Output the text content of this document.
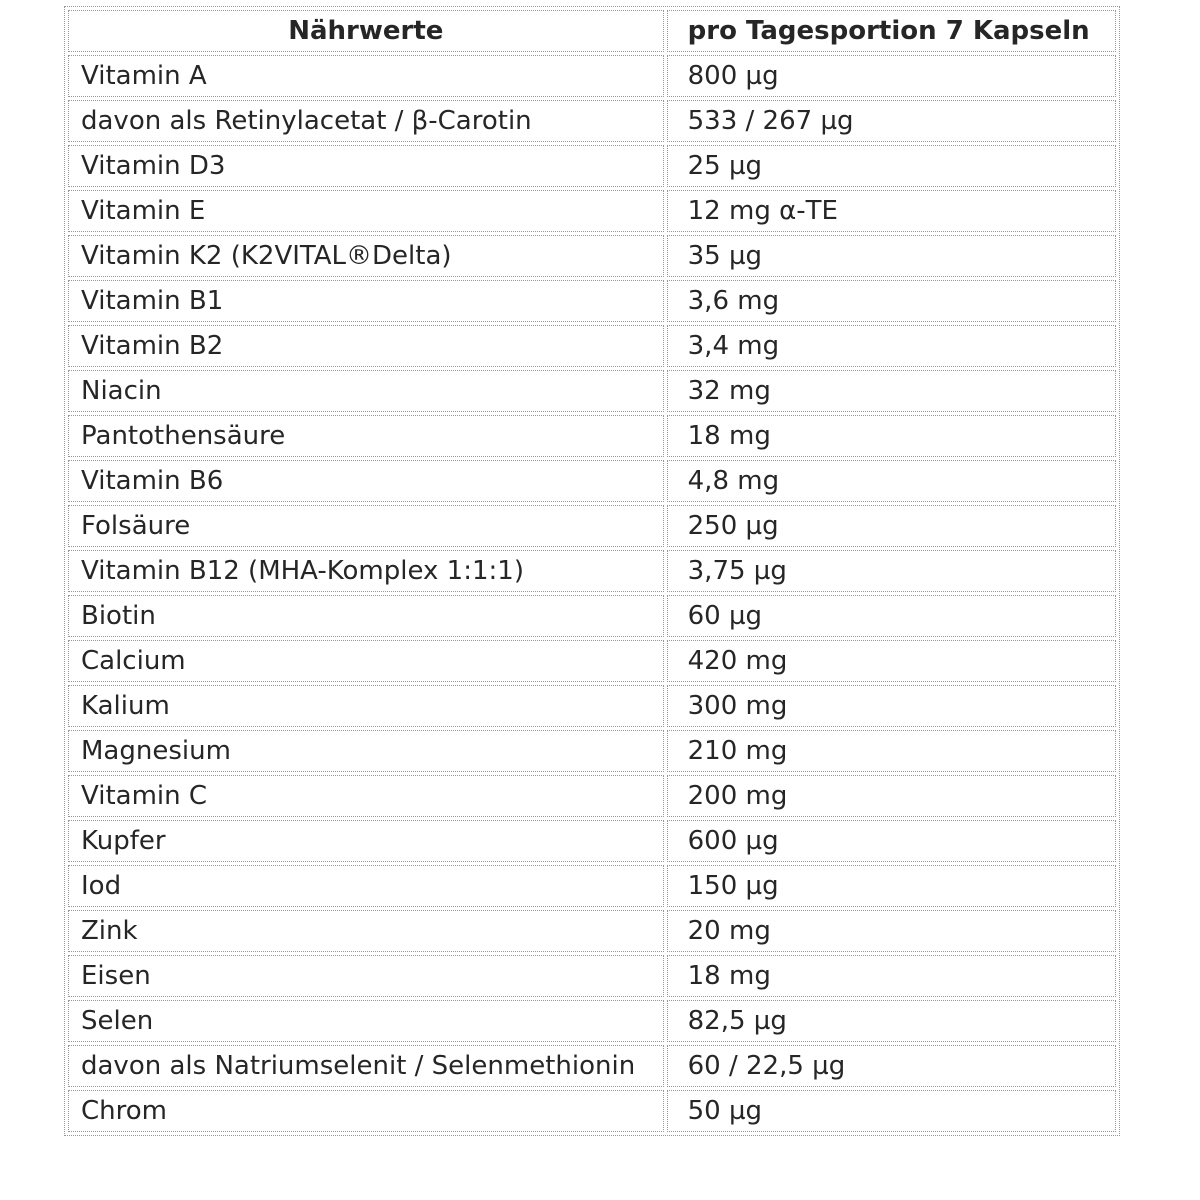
Nährwerte	pro Tagesportion 7 Kapseln
Vitamin A	800 µg
davon als Retinylacetat / β-Carotin	533 / 267 µg
Vitamin D3	25 µg
Vitamin E	12 mg α-TE
Vitamin K2 (K2VITAL®Delta)	35 µg
Vitamin B1	3,6 mg
Vitamin B2	3,4 mg
Niacin	32 mg
Pantothensäure	18 mg
Vitamin B6	4,8 mg
Folsäure	250 µg
Vitamin B12 (MHA-Komplex 1:1:1)	3,75 µg
Biotin	60 µg
Calcium	420 mg
Kalium	300 mg
Magnesium	210 mg
Vitamin C	200 mg
Kupfer	600 µg
Iod	150 µg
Zink	20 mg
Eisen	18 mg
Selen	82,5 µg
davon als Natriumselenit / Selenmethionin	60 / 22,5 µg
Chrom	50 µg
